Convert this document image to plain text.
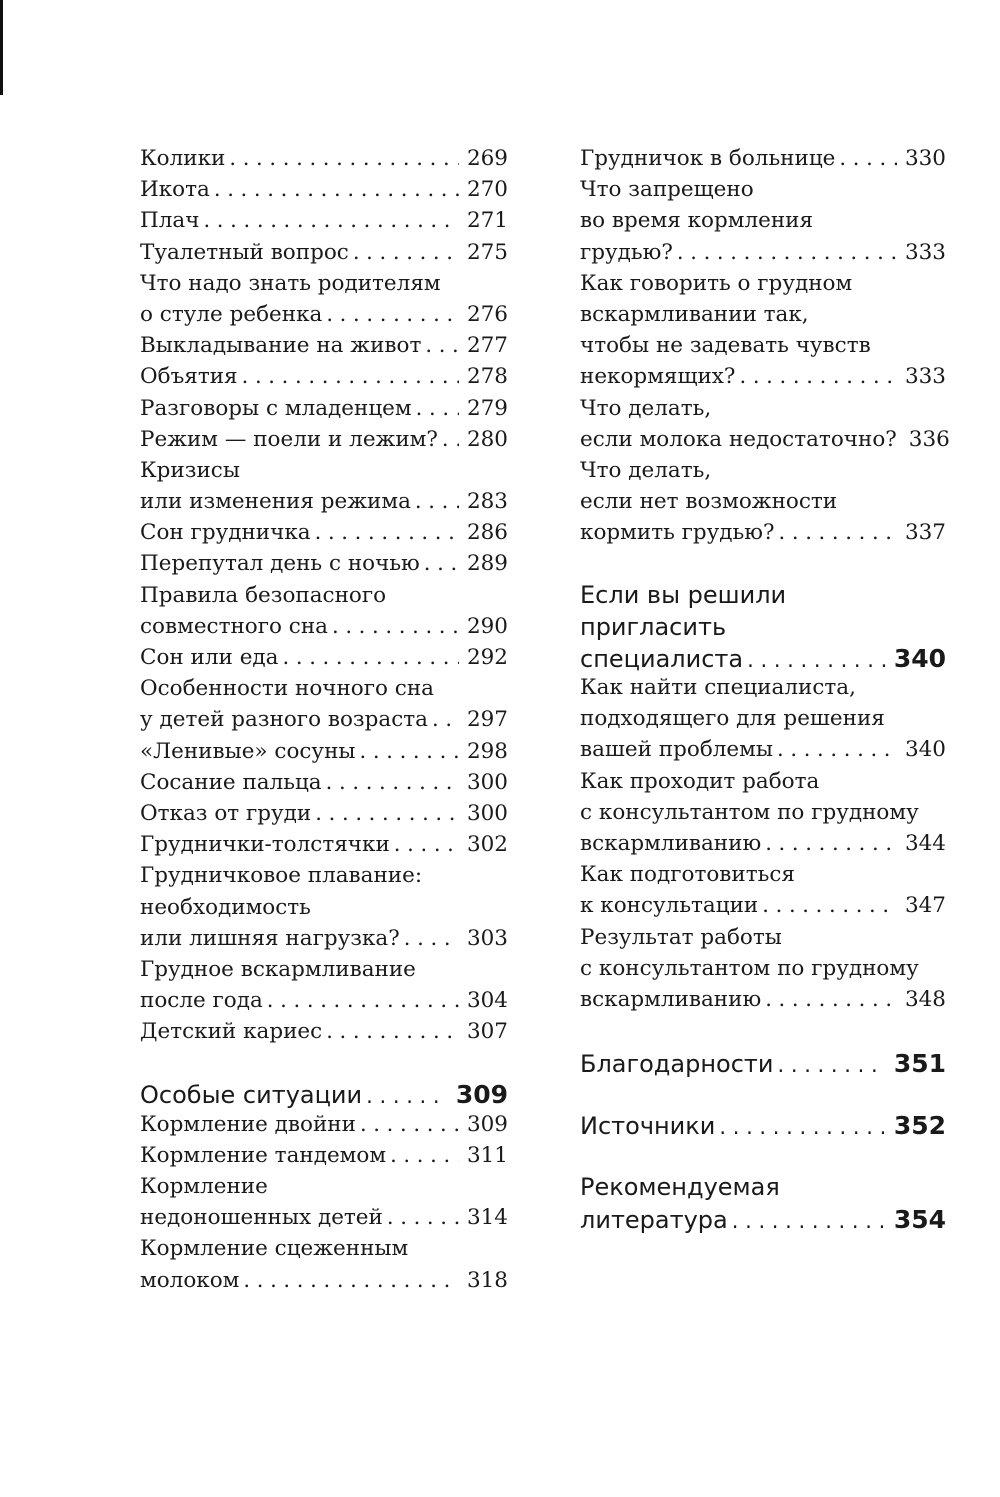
Колики . . .	269
Икота . . .	270
Плач . . .	271
Туалетный вопрос . . .	275
Что надо знать родителям
о стуле ребенка . . .	276
Выкладывание на живот . . . 277
Объятия . . .	278
Разговоры с младенцем . . .	279
Режим — поели и лежим? . . . 280
Кризисы
или изменения режима . . .	283
Сон грудничка . . .	286
Перепутал день с ночью . . . 289
Правила безопасного
совместного сна . . .	290
Сон или еда . . .	292
Особенности ночного сна
у детей разного возраста . . . 297
«Ленивые» сосуны . . .	298
Сосание пальца . . .	300
Отказ от груди . . .	300
Груднички-толстячки . . .	302
Грудничковое плавание:
необходимость
или лишняя нагрузка? . . .	303
Грудное вскармливание
после года . . .	304
Детский кариес . . .	307
Особые ситуации . . .	309
Кормление двойни . . .	309
Кормление тандемом . . .	311
Кормление
недоношенных детей . . .	314
Кормление сцеженным
молоком . . .	318
Грудничок в больнице . . .	330
Что запрещено
во время кормления
грудью? . . .	333
Как говорить о грудном
вскармливании так,
чтобы не задевать чувств
некормящих? . . .	333
Что делать,
если молока недостаточно? 336
Что делать,
если нет возможности
кормить грудью? . . .	337
Если вы решили
пригласить
специалиста . . .	340
Как найти специалиста,
подходящего для решения
вашей проблемы . . .	340
Как проходит работа
с консультантом по грудному
вскармливанию . . .	344
Как подготовиться
к консультации . . .	347
Результат работы
с консультантом по грудному
вскармливанию . . .	348
Благодарности . . .	351
Источники . . .	352
Рекомендуемая
литература . . .	354
